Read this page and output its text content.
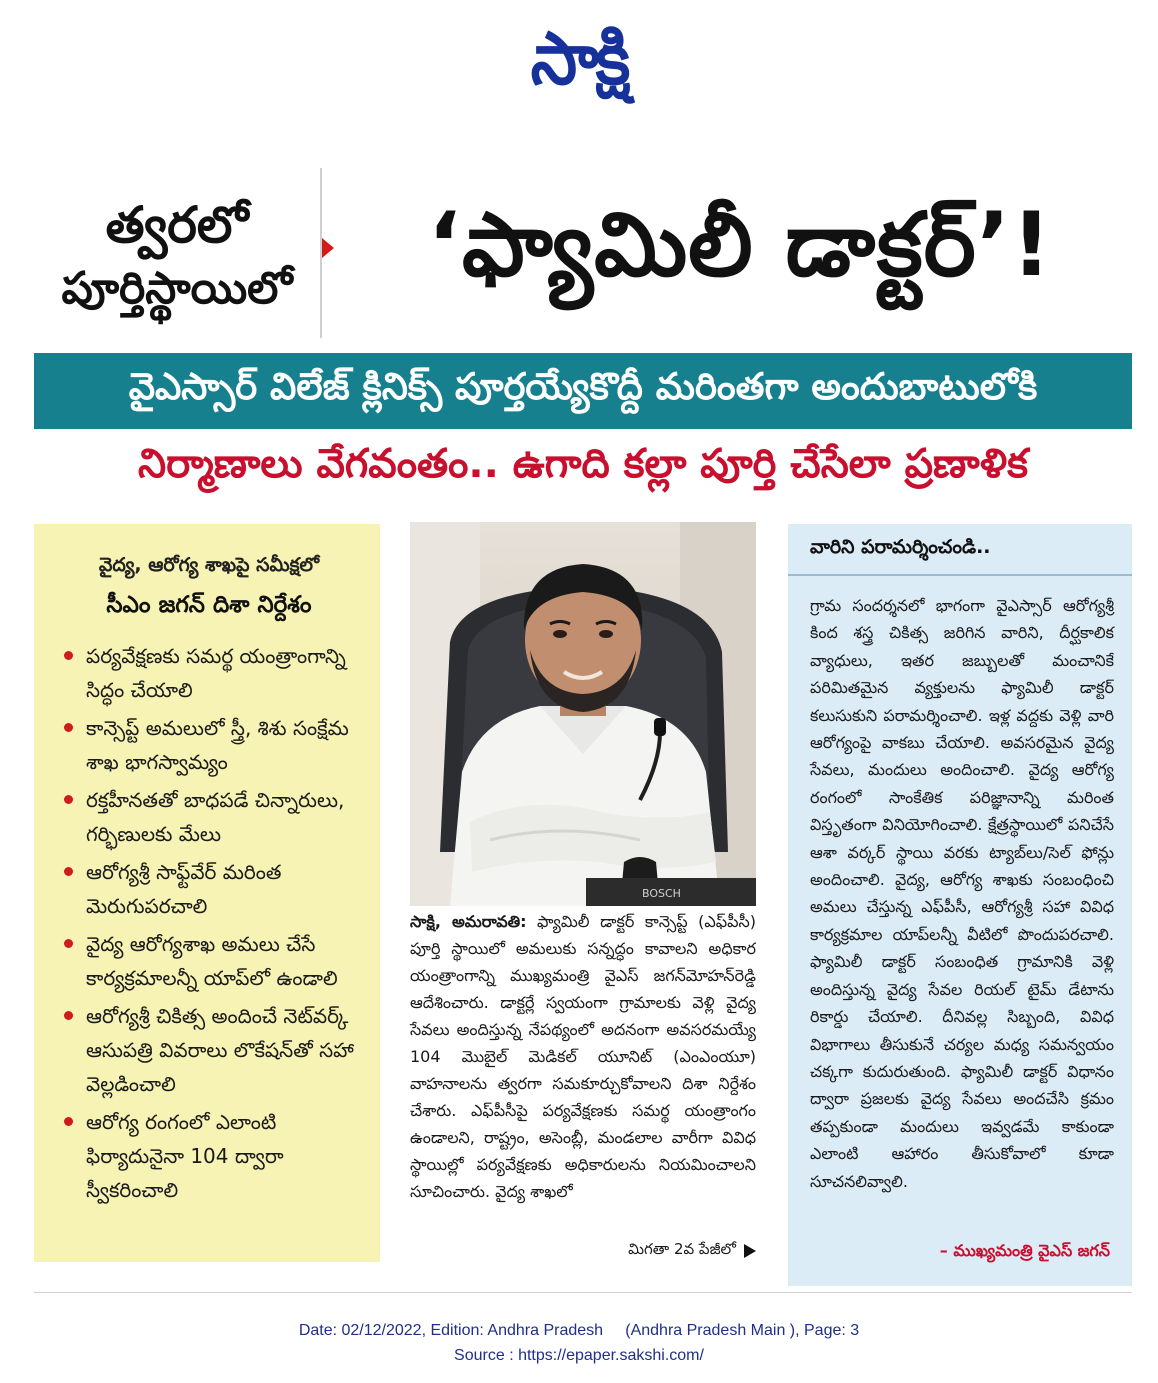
సాక్షి
త్వరలో
పూర్తిస్థాయిలో	‘ఫ్యామిలీ డాక్టర్’!
వైఎస్సార్ విలేజ్ క్లినిక్స్ పూర్తయ్యేకొద్దీ మరింతగా అందుబాటులోకి
నిర్మాణాలు వేగవంతం.. ఉగాది కల్లా పూర్తి చేసేలా ప్రణాళిక
వైద్య, ఆరోగ్య శాఖపై సమీక్షలో
సీఎం జగన్ దిశా నిర్దేశం
పర్యవేక్షణకు సమర్థ యంత్రాంగాన్ని సిద్ధం చేయాలి
కాన్సెప్ట్ అమలులో స్త్రీ, శిశు సంక్షేమ శాఖ భాగస్వామ్యం
రక్తహీనతతో బాధపడే చిన్నారులు, గర్భిణులకు మేలు
ఆరోగ్యశ్రీ సాఫ్ట్‌వేర్ మరింత మెరుగుపరచాలి
వైద్య ఆరోగ్యశాఖ అమలు చేసే కార్యక్రమాలన్నీ యాప్‌లో ఉండాలి
ఆరోగ్యశ్రీ చికిత్స అందించే నెట్‌వర్క్ ఆసుపత్రి వివరాలు లొకేషన్‌తో సహా వెల్లడించాలి
ఆరోగ్య రంగంలో ఎలాంటి ఫిర్యాదునైనా 104 ద్వారా స్వీకరించాలి
BOSCH
సాక్షి, అమరావతి: ఫ్యామిలీ డాక్టర్ కాన్సెప్ట్ (ఎఫ్‌పీసీ) పూర్తి స్థాయిలో అమలుకు సన్నద్ధం కావాలని అధికార యంత్రాంగాన్ని ముఖ్యమంత్రి వైఎస్ జగన్‌మోహన్‌రెడ్డి ఆదేశించారు. డాక్టర్లే స్వయంగా గ్రామాలకు వెళ్లి వైద్య సేవలు అందిస్తున్న నేపథ్యంలో అదనంగా అవసరమయ్యే 104 మొబైల్ మెడికల్ యూనిట్ (ఎంఎంయూ) వాహనాలను త్వరగా సమకూర్చుకోవాలని దిశా నిర్దేశం చేశారు. ఎఫ్‌పీసీపై పర్యవేక్షణకు సమర్థ యంత్రాంగం ఉండాలని, రాష్ట్రం, అసెంబ్లీ, మండలాల వారీగా వివిధ స్థాయిల్లో పర్యవేక్షణకు అధికారులను నియమించాలని సూచించారు. వైద్య శాఖలో
మిగతా 2వ పేజీలో
వారిని పరామర్శించండి..
గ్రామ సందర్శనలో భాగంగా వైఎస్సార్ ఆరోగ్యశ్రీ కింద శస్త్ర చికిత్స జరిగిన వారిని, దీర్ఘకాలిక వ్యాధులు, ఇతర జబ్బులతో మంచానికే పరిమితమైన వ్యక్తులను ఫ్యామిలీ డాక్టర్ కలుసుకుని పరామర్శించాలి. ఇళ్ల వద్దకు వెళ్లి వారి ఆరోగ్యంపై వాకబు చేయాలి. అవసరమైన వైద్య సేవలు, మందులు అందించాలి. వైద్య ఆరోగ్య రంగంలో సాంకేతిక పరిజ్ఞానాన్ని మరింత విస్తృతంగా వినియోగించాలి. క్షేత్రస్థాయిలో పనిచేసే ఆశా వర్కర్ స్థాయి వరకు ట్యాబ్‌లు/సెల్ ఫోన్లు అందించాలి. వైద్య, ఆరోగ్య శాఖకు సంబంధించి అమలు చేస్తున్న ఎఫ్‌పీసీ, ఆరోగ్యశ్రీ సహా వివిధ కార్యక్రమాల యాప్‌లన్నీ వీటిలో పొందుపరచాలి. ఫ్యామిలీ డాక్టర్ సంబంధిత గ్రామానికి వెళ్లి అందిస్తున్న వైద్య సేవల రియల్ టైమ్ డేటాను రికార్డు చేయాలి. దీనివల్ల సిబ్బంది, వివిధ విభాగాలు తీసుకునే చర్యల మధ్య సమన్వయం చక్కగా కుదురుతుంది. ఫ్యామిలీ డాక్టర్ విధానం ద్వారా ప్రజలకు వైద్య సేవలు అందచేసి క్రమం తప్పకుండా మందులు ఇవ్వడమే కాకుండా ఎలాంటి ఆహారం తీసుకోవాలో కూడా సూచనలివ్వాలి.
– ముఖ్యమంత్రి వైఎస్ జగన్
Date: 02/12/2022, Edition: Andhra Pradesh     (Andhra Pradesh Main ), Page: 3
Source : https://epaper.sakshi.com/
